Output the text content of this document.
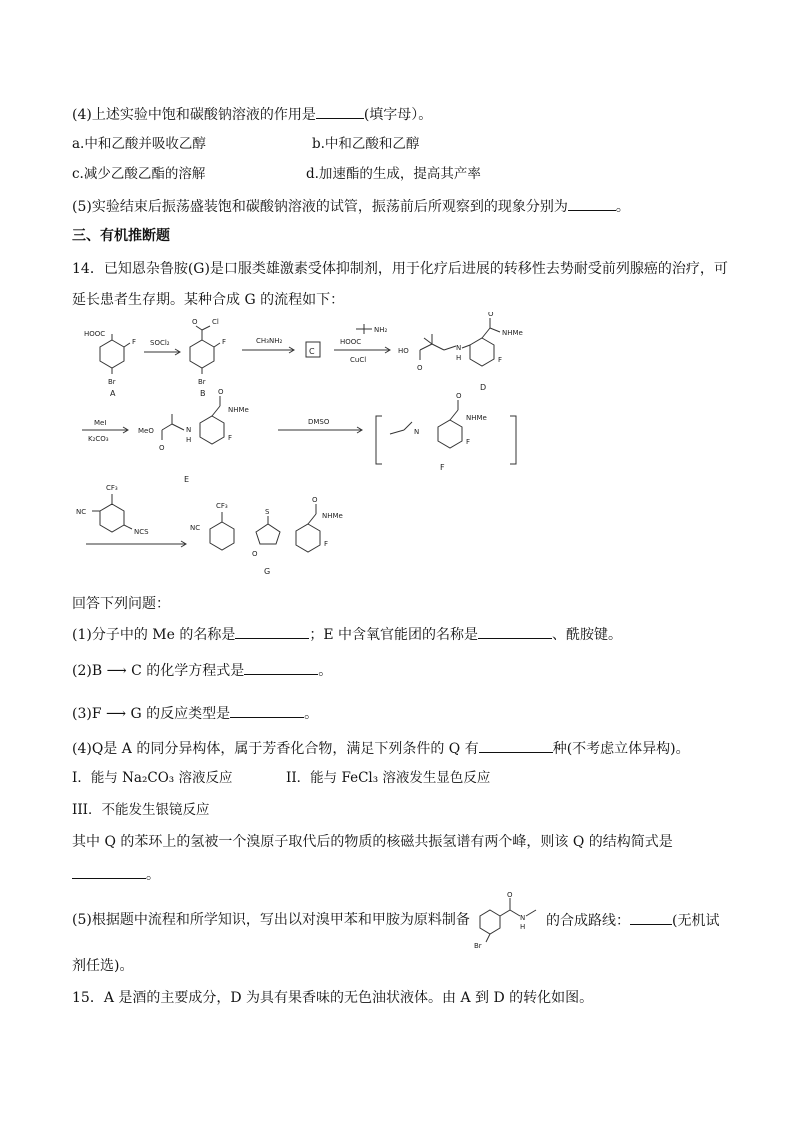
(4)上述实验中饱和碳酸钠溶液的作用是	(填字母）。
a.中和乙酸并吸收乙醇	b.中和乙酸和乙醇
c.减少乙酸乙酯的溶解	d.加速酯的生成，提高其产率
(5)实验结束后振荡盛装饱和碳酸钠溶液的试管，振荡前后所观察到的现象分别为	。
三、有机推断题
14．已知恩杂鲁胺(G)是口服类雄激素受体抑制剂，用于化疗后进展的转移性去势耐受前列腺癌的治疗，可
延长患者生存期。某种合成 G 的流程如下：
HOOC
F
Br
A
SOCl₂
O Cl
F
Br
B
CH₃NH₂
C
NH₂
HOOC
CuCl
HO
O
N
H
O
NHMe
F
D
MeI
K₂CO₃
MeO
O
N
H
O
NHMe
F
E
DMSO
N
O
NHMe
F
F
CF₃
NC
NCS
CF₃
NC
S
O
O
NHMe
F
G
回答下列问题：
(1)分子中的 Me 的名称是	；E 中含氧官能团的名称是	、酰胺键。
(2)B ⟶ C 的化学方程式是	。
(3)F ⟶ G 的反应类型是	。
(4)Q是 A 的同分异构体，属于芳香化合物，满足下列条件的 Q 有	种(不考虑立体异构)。
I．能与 Na₂CO₃ 溶液反应	II．能与 FeCl₃ 溶液发生显色反应
III．不能发生银镜反应
其中 Q 的苯环上的氢被一个溴原子取代后的物质的核磁共振氢谱有两个峰，则该 Q 的结构简式是
。
(5)根据题中流程和所学知识，写出以对溴甲苯和甲胺为原料制备
O
N
H
Br
的合成路线：	(无机试
剂任选)。
15．A 是酒的主要成分，D 为具有果香味的无色油状液体。由 A 到 D 的转化如图。
